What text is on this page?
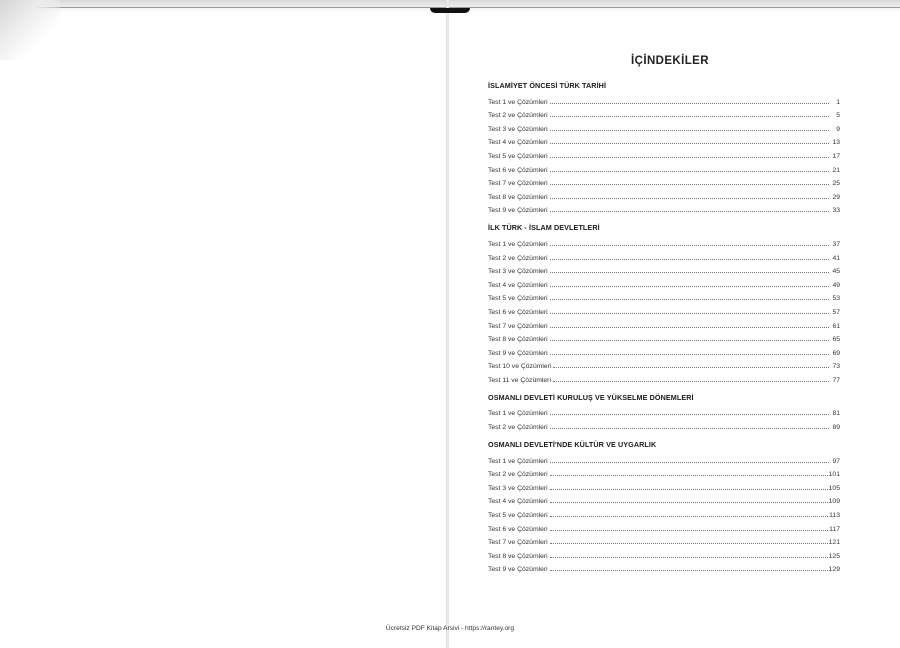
İÇİNDEKİLER
İSLAMİYET ÖNCESİ TÜRK TARİHİ
Test 1 ve Çözümleri	1
Test 2 ve Çözümleri	5
Test 3 ve Çözümleri	9
Test 4 ve Çözümleri	13
Test 5 ve Çözümleri	17
Test 6 ve Çözümleri	21
Test 7 ve Çözümleri	25
Test 8 ve Çözümleri	29
Test 9 ve Çözümleri	33
İLK TÜRK - İSLAM DEVLETLERİ
Test 1 ve Çözümleri	37
Test 2 ve Çözümleri	41
Test 3 ve Çözümleri	45
Test 4 ve Çözümleri	49
Test 5 ve Çözümleri	53
Test 6 ve Çözümleri	57
Test 7 ve Çözümleri	61
Test 8 ve Çözümleri	65
Test 9 ve Çözümleri	69
Test 10 ve Çözümleri	73
Test 11 ve Çözümleri	77
OSMANLI DEVLETİ KURULUŞ VE YÜKSELME DÖNEMLERİ
Test 1 ve Çözümleri	81
Test 2 ve Çözümleri	89
OSMANLI DEVLETİ'NDE KÜLTÜR VE UYGARLIK
Test 1 ve Çözümleri	97
Test 2 ve Çözümleri	101
Test 3 ve Çözümleri	105
Test 4 ve Çözümleri	109
Test 5 ve Çözümleri	113
Test 6 ve Çözümleri	117
Test 7 ve Çözümleri	121
Test 8 ve Çözümleri	125
Test 9 ve Çözümleri	129
Ücretsiz PDF Kitap Arsivi - https://rantey.org
